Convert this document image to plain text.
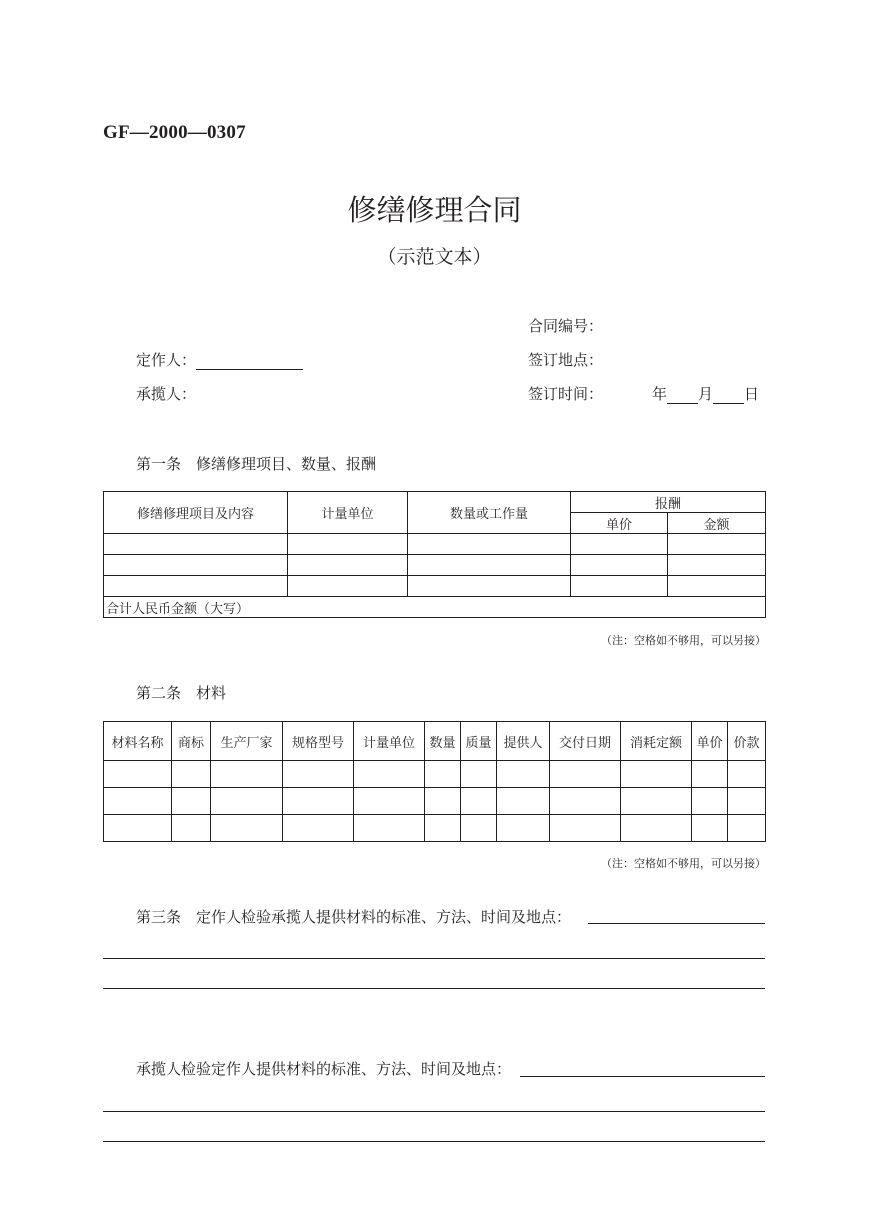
GF—2000—0307
修缮修理合同
（示范文本）
合同编号：
定作人：	签订地点：
承揽人：	签订时间：	年 月 日
第一条　修缮修理项目、数量、报酬
修缮修理项目及内容	计量单位	数量或工作量	报酬	
			单价	金额

合计人民币金额（大写）				
（注：空格如不够用，可以另接）
第二条　材料
材料名称	商标	生产厂家	规格型号	计量单位	数量	质量	提供人	交付日期	消耗定额	单价	价款

（注：空格如不够用，可以另接）
第三条　定作人检验承揽人提供材料的标准、方法、时间及地点：
承揽人检验定作人提供材料的标准、方法、时间及地点：
